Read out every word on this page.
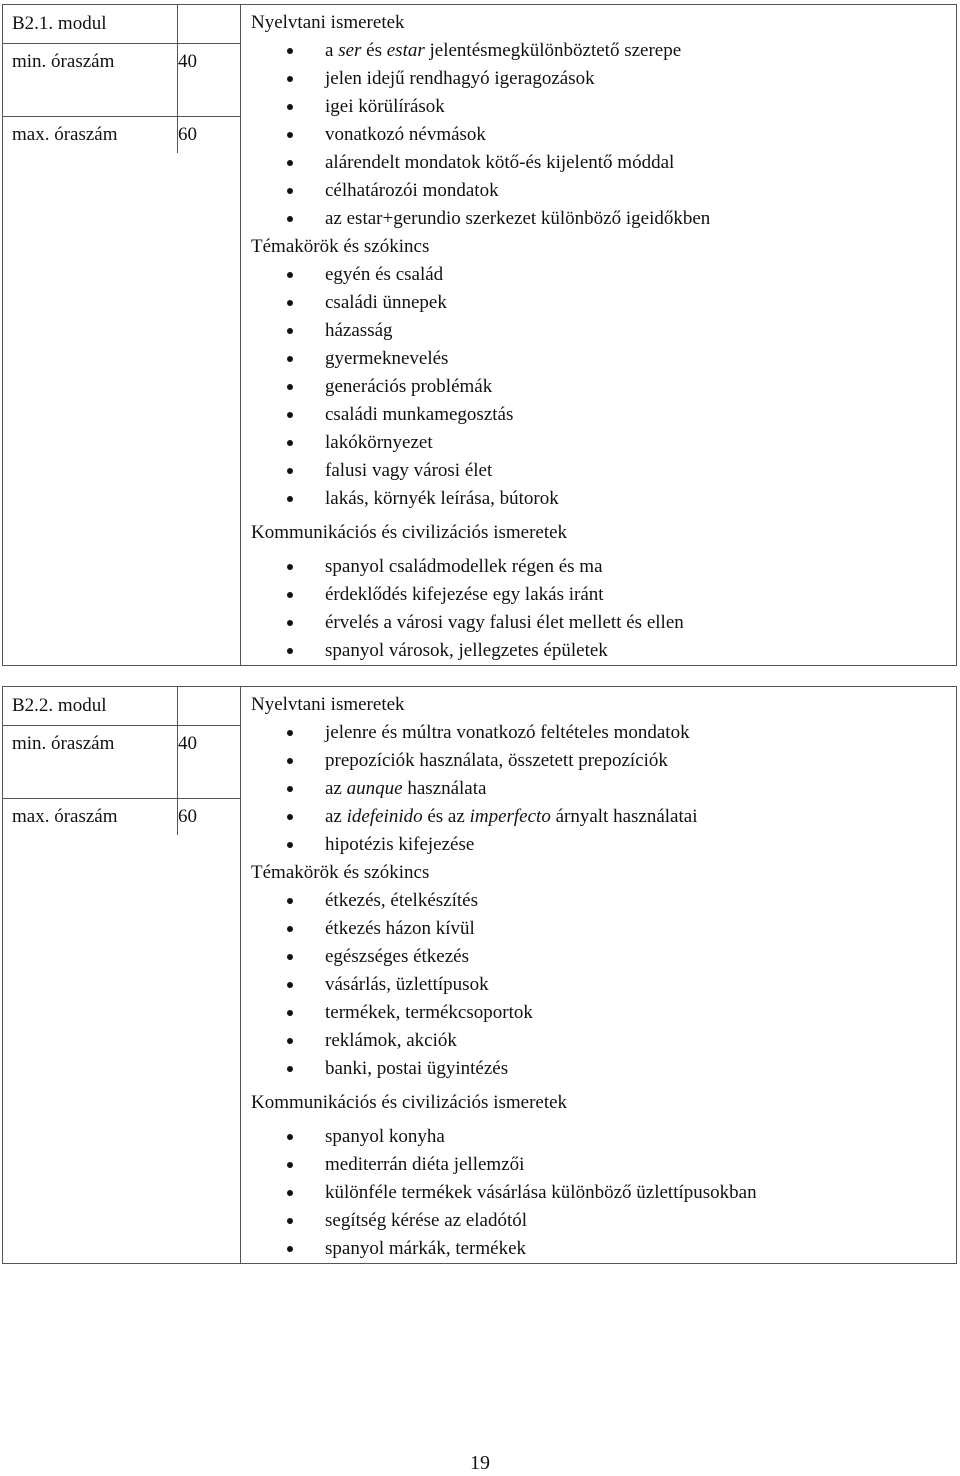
B2.1. modul	
min. óraszám	40

max. óraszám	60

Nyelvtani ismeretek
a ser és estar jelentésmegkülönböztető szerepe
jelen idejű rendhagyó igeragozások
igei körülírások
vonatkozó névmások
alárendelt mondatok kötő-és kijelentő móddal
célhatározói mondatok
az estar+gerundio szerkezet különböző igeidőkben
Témakörök és szókincs
egyén és család
családi ünnepek
házasság
gyermeknevelés
generációs problémák
családi munkamegosztás
lakókörnyezet
falusi vagy városi élet
lakás, környék leírása, bútorok
Kommunikációs és civilizációs ismeretek
spanyol családmodellek régen és ma
érdeklődés kifejezése egy lakás iránt
érvelés a városi vagy falusi élet mellett és ellen
spanyol városok, jellegzetes épületek
B2.2. modul	
min. óraszám	40

max. óraszám	60

Nyelvtani ismeretek
jelenre és múltra vonatkozó feltételes mondatok
prepozíciók használata, összetett prepozíciók
az aunque használata
az idefeinido és az imperfecto árnyalt használatai
hipotézis kifejezése
Témakörök és szókincs
étkezés, ételkészítés
étkezés házon kívül
egészséges étkezés
vásárlás, üzlettípusok
termékek, termékcsoportok
reklámok, akciók
banki, postai ügyintézés
Kommunikációs és civilizációs ismeretek
spanyol konyha
mediterrán diéta jellemzői
különféle termékek vásárlása különböző üzlettípusokban
segítség kérése az eladótól
spanyol márkák, termékek
19
